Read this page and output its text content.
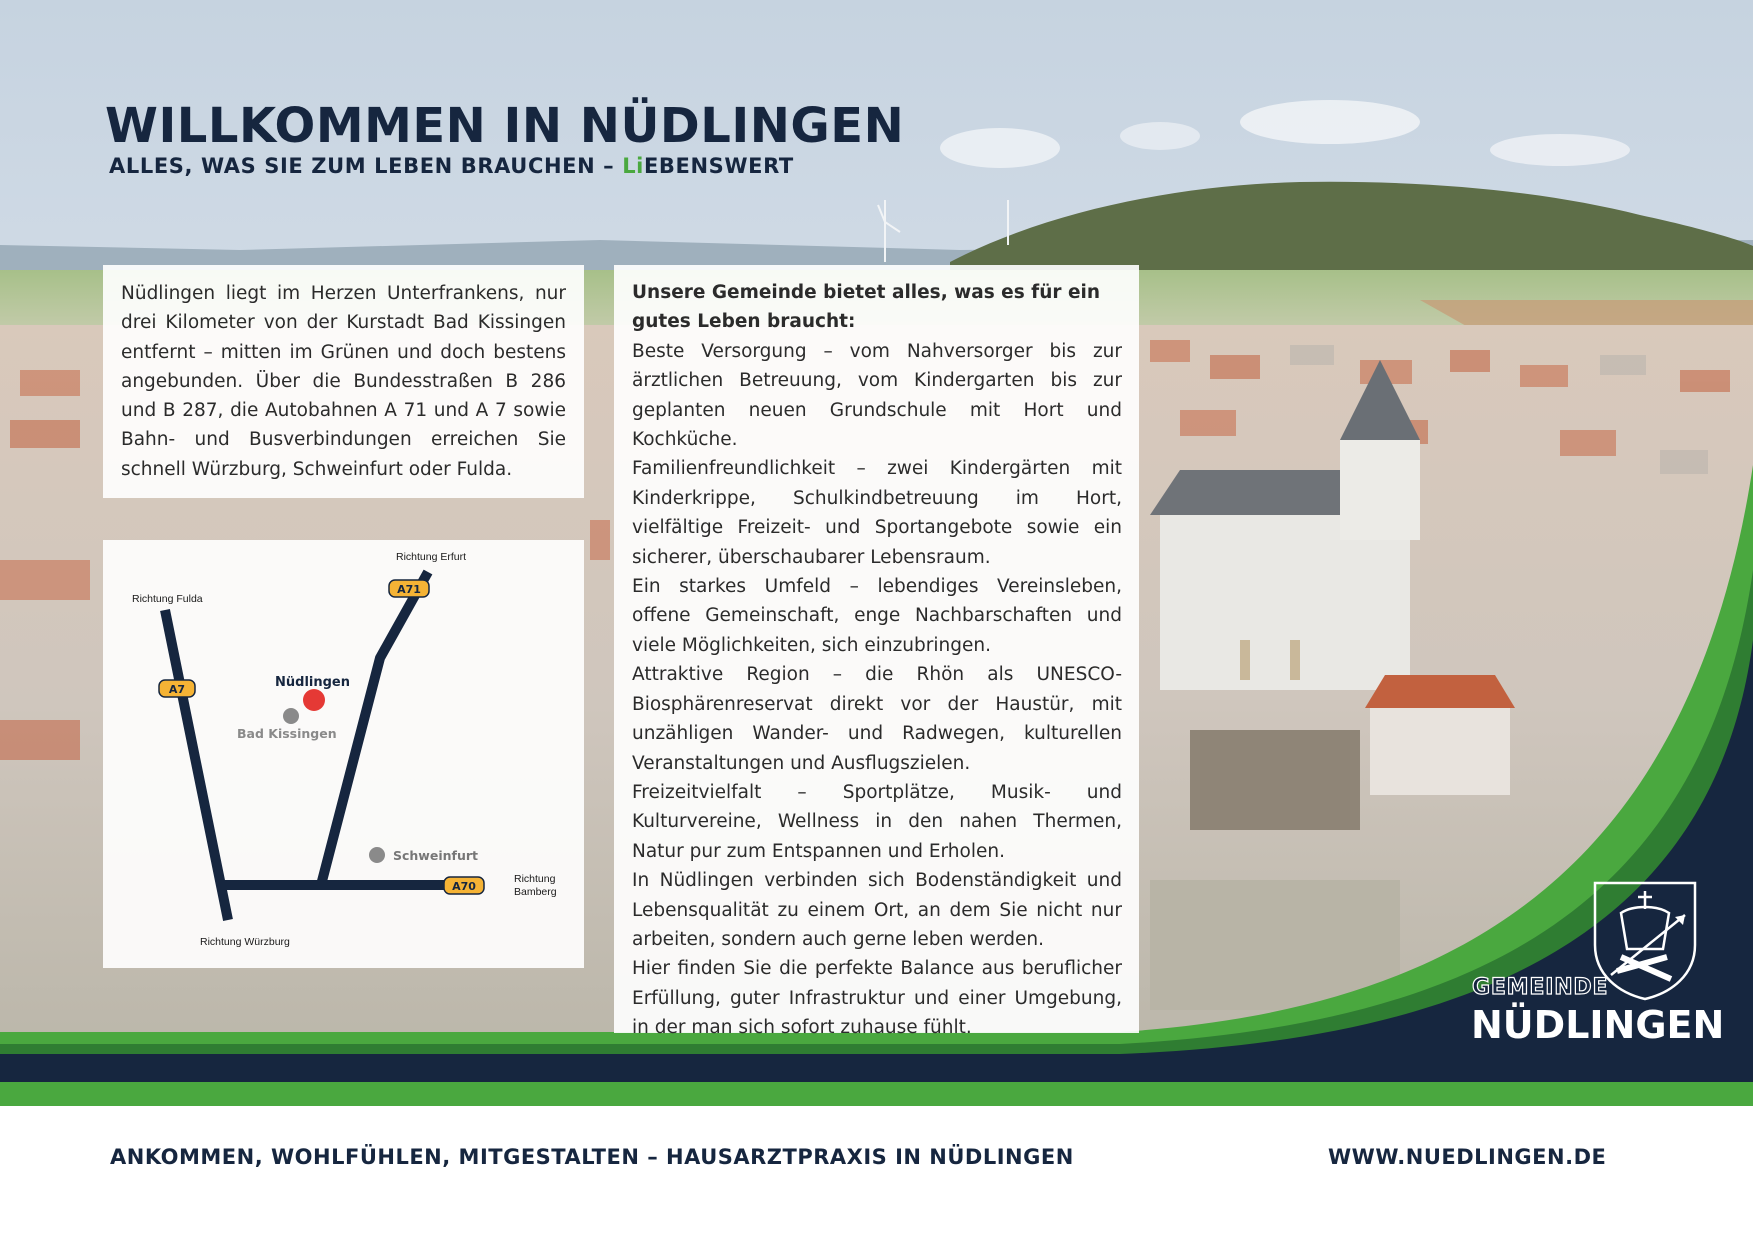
WILLKOMMEN IN NÜDLINGEN

ALLES, WAS SIE ZUM LEBEN BRAUCHEN – LiEBENSWERT

Nüdlingen liegt im Herzen Unterfrankens, nur drei Kilometer von der Kurstadt Bad Kissingen entfernt – mitten im Grünen und doch bestens angebunden. Über die Bundesstraßen B 286 und B 287, die Autobahnen A 71 und A 7 sowie Bahn- und Busverbindungen erreichen Sie schnell Würzburg, Schweinfurt oder Fulda.

A7
A71
A70
Richtung Erfurt
Richtung Fulda
Richtung Würzburg
Richtung
Bamberg
Nüdlingen
Bad Kissingen
Schweinfurt

Unsere Gemeinde bietet alles, was es für ein gutes Leben braucht:

Beste Versorgung – vom Nahversorger bis zur ärztlichen Betreuung, vom Kindergarten bis zur geplanten neuen Grundschule mit Hort und Kochküche.

Familienfreundlichkeit – zwei Kindergärten mit Kinderkrippe, Schulkindbetreuung im Hort, vielfältige Freizeit- und Sportangebote sowie ein sicherer, überschaubarer Lebensraum.

Ein starkes Umfeld – lebendiges Vereinsleben, offene Gemeinschaft, enge Nachbarschaften und viele Möglichkeiten, sich einzubringen.

Attraktive Region – die Rhön als UNESCO-Biosphärenreservat direkt vor der Haustür, mit unzähligen Wander- und Radwegen, kulturellen Veranstaltungen und Ausflugszielen.

Freizeitvielfalt – Sportplätze, Musik- und Kulturvereine, Wellness in den nahen Thermen, Natur pur zum Entspannen und Erholen.

In Nüdlingen verbinden sich Bodenständigkeit und Lebensqualität zu einem Ort, an dem Sie nicht nur arbeiten, sondern auch gerne leben werden.

Hier finden Sie die perfekte Balance aus beruflicher Erfüllung, guter Infrastruktur und einer Umgebung, in der man sich sofort zuhause fühlt.

GEMEINDE

NÜDLINGEN

ANKOMMEN, WOHLFÜHLEN, MITGESTALTEN – HAUSARZTPRAXIS IN NÜDLINGEN	WWW.NUEDLINGEN.DE
